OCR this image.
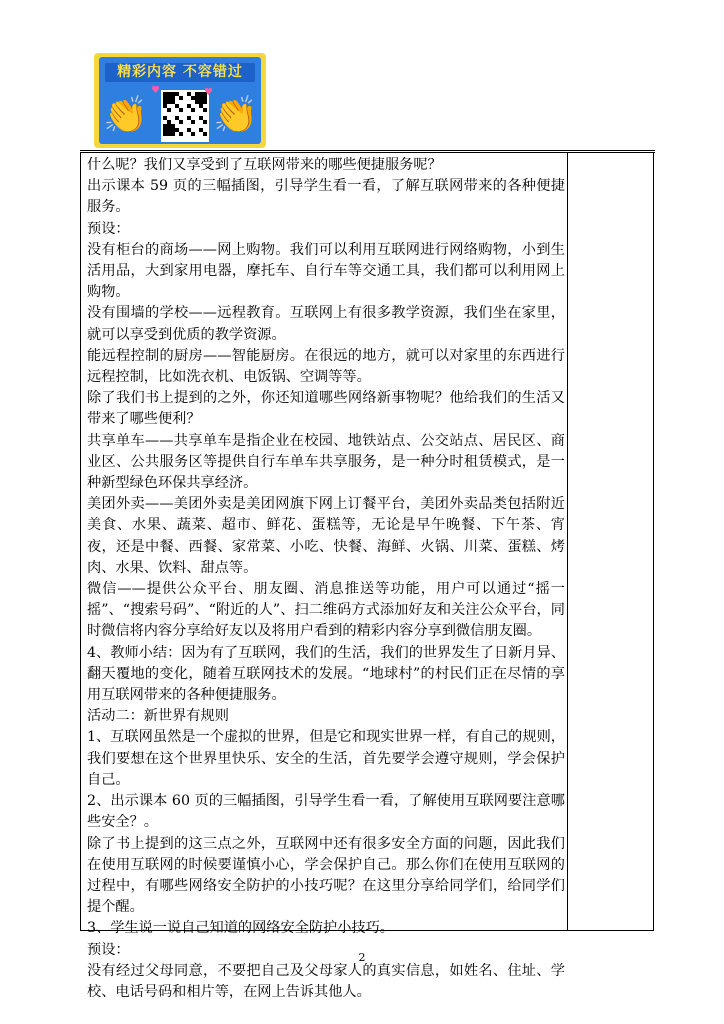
精彩内容 不容错过
👏 👏
♥	♥

什么呢？我们又享受到了互联网带来的哪些便捷服务呢？

出示课本 59 页的三幅插图，引导学生看一看，了解互联网带来的各种便捷服务。

预设：

没有柜台的商场——网上购物。我们可以利用互联网进行网络购物，小到生活用品，大到家用电器，摩托车、自行车等交通工具，我们都可以利用网上购物。

没有围墙的学校——远程教育。互联网上有很多教学资源，我们坐在家里，就可以享受到优质的教学资源。

能远程控制的厨房——智能厨房。在很远的地方，就可以对家里的东西进行远程控制，比如洗衣机、电饭锅、空调等等。

除了我们书上提到的之外，你还知道哪些网络新事物呢？他给我们的生活又带来了哪些便利？

共享单车——共享单车是指企业在校园、地铁站点、公交站点、居民区、商业区、公共服务区等提供自行车单车共享服务，是一种分时租赁模式，是一种新型绿色环保共享经济。

美团外卖——美团外卖是美团网旗下网上订餐平台，美团外卖品类包括附近美食、水果、蔬菜、超市、鲜花、蛋糕等，无论是早午晚餐、下午茶、宵夜，还是中餐、西餐、家常菜、小吃、快餐、海鲜、火锅、川菜、蛋糕、烤肉、水果、饮料、甜点等。

微信——提供公众平台、朋友圈、消息推送等功能，用户可以通过“摇一摇”、“搜索号码”、“附近的人”、扫二维码方式添加好友和关注公众平台，同时微信将内容分享给好友以及将用户看到的精彩内容分享到微信朋友圈。

4、教师小结：因为有了互联网，我们的生活，我们的世界发生了日新月异、翻天覆地的变化，随着互联网技术的发展。“地球村”的村民们正在尽情的享用互联网带来的各种便捷服务。

活动二：新世界有规则

1、互联网虽然是一个虚拟的世界，但是它和现实世界一样，有自己的规则，我们要想在这个世界里快乐、安全的生活，首先要学会遵守规则，学会保护自己。

2、出示课本 60 页的三幅插图，引导学生看一看，了解使用互联网要注意哪些安全？。

除了书上提到的这三点之外，互联网中还有很多安全方面的问题，因此我们在使用互联网的时候要谨慎小心，学会保护自己。那么你们在使用互联网的过程中，有哪些网络安全防护的小技巧呢？在这里分享给同学们，给同学们提个醒。

3、学生说一说自己知道的网络安全防护小技巧。

预设：

没有经过父母同意，不要把自己及父母家人的真实信息，如姓名、住址、学校、电话号码和相片等，在网上告诉其他人。

2
